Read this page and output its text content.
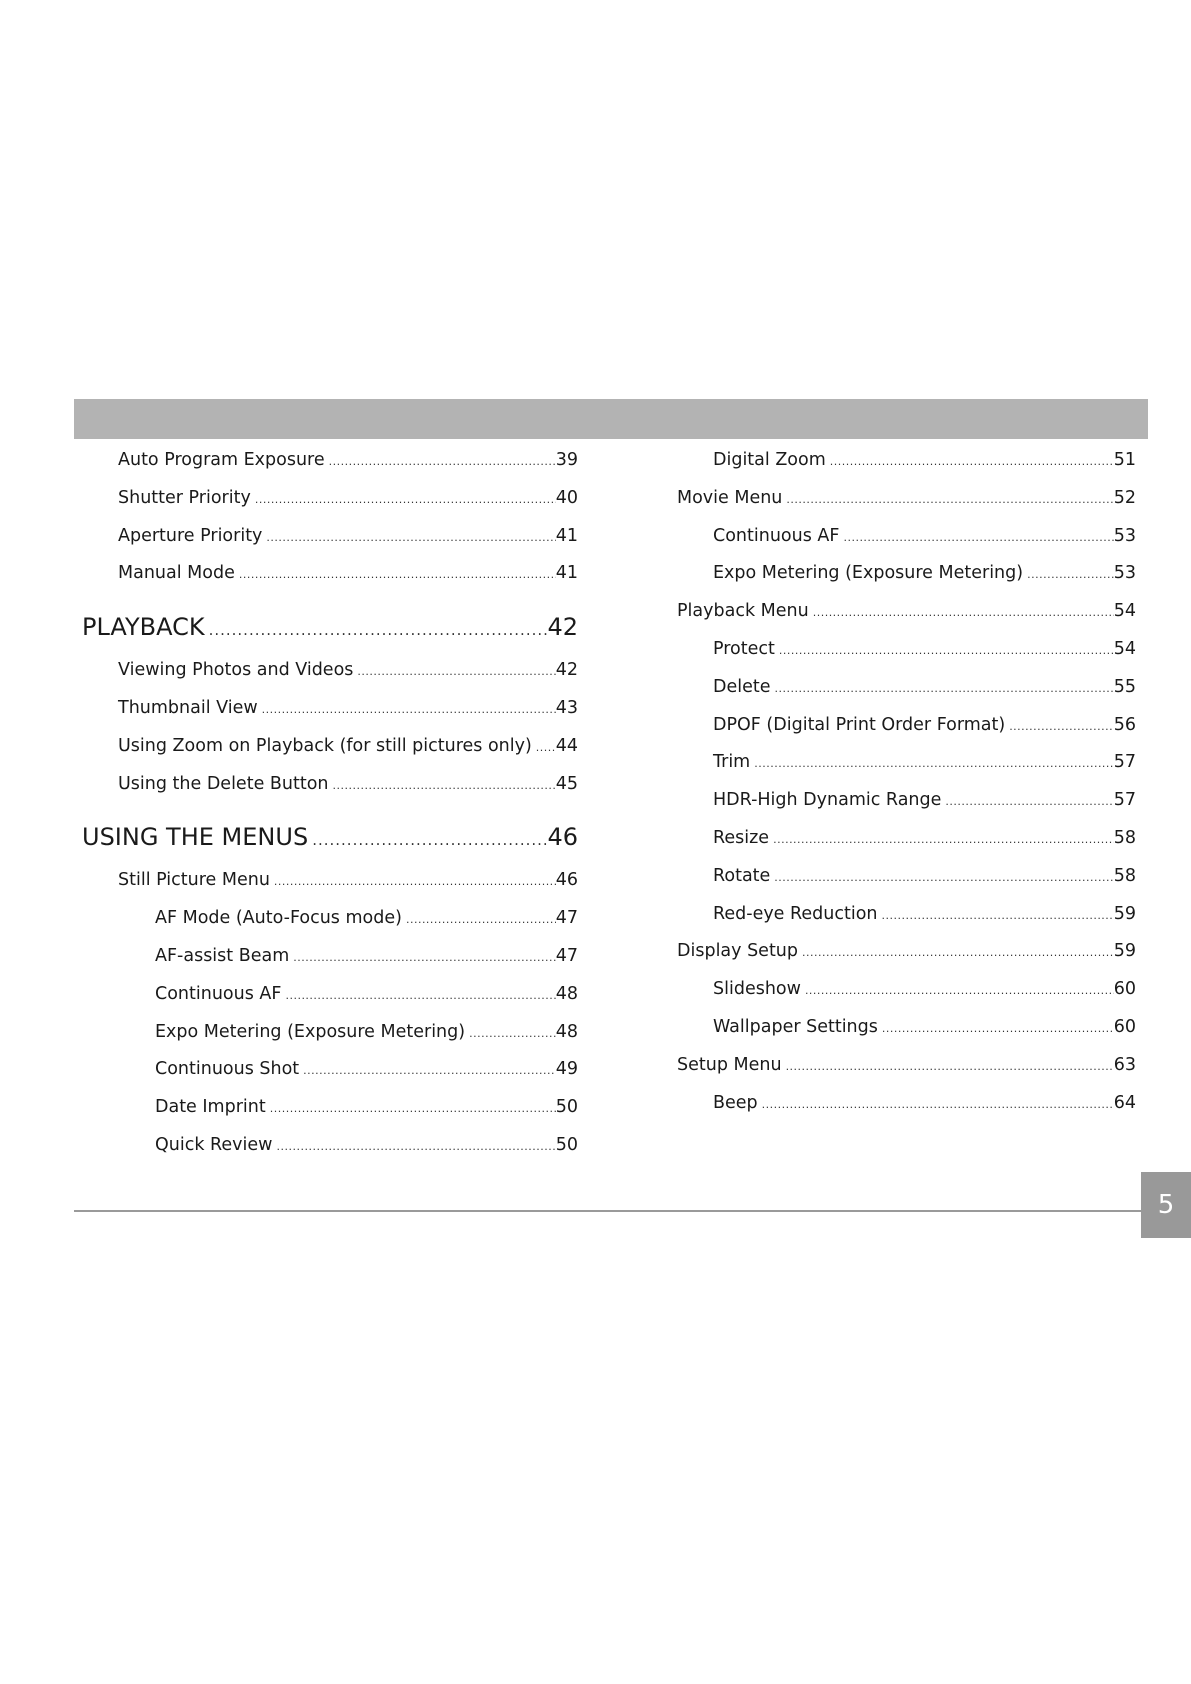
Auto Program Exposure .....	39
Shutter Priority .....	40
Aperture Priority .....	41
Manual Mode .....	41
PLAYBACK .....	42
Viewing Photos and Videos .....	42
Thumbnail View .....	43
Using Zoom on Playback (for still pictures only) ..... 44
Using the Delete Button .....	45
USING THE MENUS .....	46
Still Picture Menu .....	46
AF Mode (Auto-Focus mode) .....	47
AF-assist Beam .....	47
Continuous AF .....	48
Expo Metering (Exposure Metering) .....	48
Continuous Shot .....	49
Date Imprint .....	50
Quick Review .....	50
Digital Zoom .....	51
Movie Menu .....	52
Continuous AF .....	53
Expo Metering (Exposure Metering) .....	53
Playback Menu .....	54
Protect .....	54
Delete .....	55
DPOF (Digital Print Order Format) .....	56
Trim .....	57
HDR-High Dynamic Range .....	57
Resize .....	58
Rotate .....	58
Red-eye Reduction .....	59
Display Setup .....	59
Slideshow .....	60
Wallpaper Settings .....	60
Setup Menu .....	63
Beep .....	64
5
